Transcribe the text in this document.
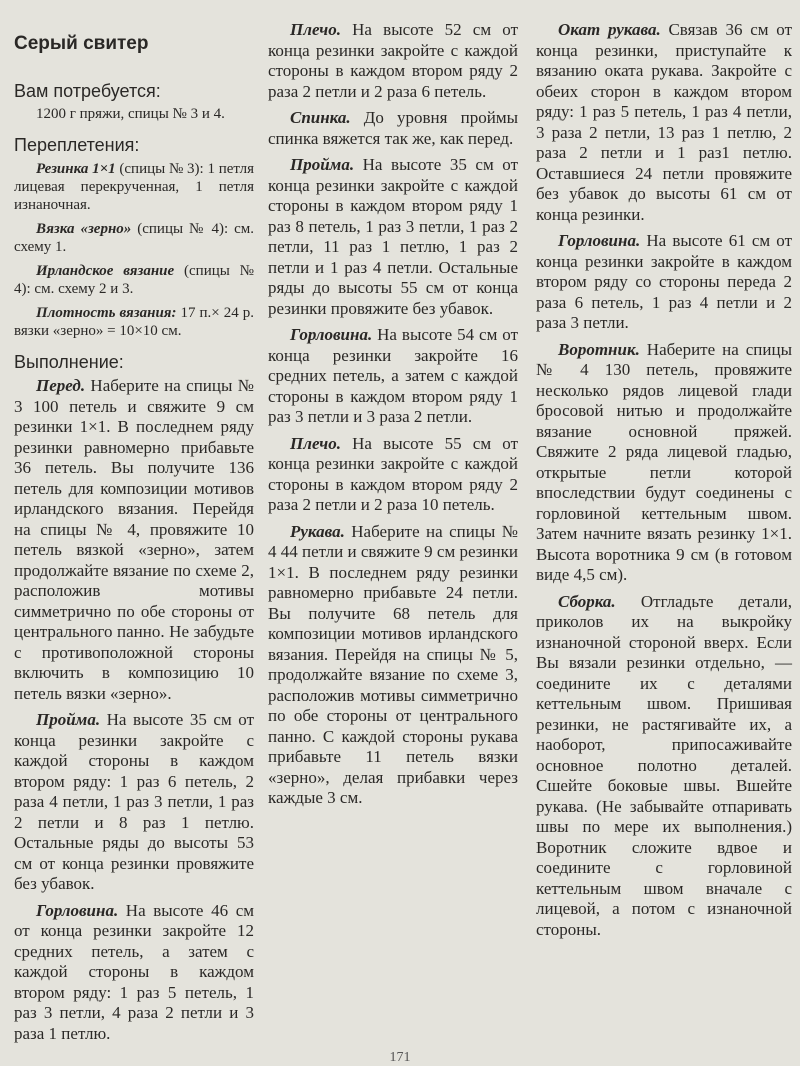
Серый свитер
Вам потребуется:

1200 г пряжи, спицы № 3 и 4.

Переплетения:

Резинка 1×1 (спицы № 3): 1 петля лицевая перекрученная, 1 петля изнаночная.

Вязка «зерно» (спицы № 4): см. схему 1.

Ирландское вязание (спицы № 4): см. схему 2 и 3.

Плотность вязания: 17 п.× 24 р. вязки «зерно» = 10×10 см.

Выполнение:

Перед. Наберите на спицы № 3 100 петель и свяжите 9 см резинки 1×1. В последнем ряду резинки равномерно прибавьте 36 петель. Вы получите 136 петель для композиции мотивов ирландского вязания. Перейдя на спицы № 4, провяжите 10 петель вязкой «зерно», затем продолжайте вязание по схеме 2, расположив мотивы симметрично по обе стороны от центрального панно. Не забудьте с противоположной стороны включить в композицию 10 петель вязки «зерно».

Пройма. На высоте 35 см от конца резинки закройте с каждой стороны в каждом втором ряду: 1 раз 6 петель, 2 раза 4 петли, 1 раз 3 петли, 1 раз 2 петли и 8 раз 1 петлю. Остальные ряды до высоты 53 см от конца резинки провяжите без убавок.

Горловина. На высоте 46 см от конца резинки закройте 12 средних петель, а затем с каждой стороны в каждом втором ряду: 1 раз 5 петель, 1 раз 3 петли, 4 раза 2 петли и 3 раза 1 петлю.

Плечо. На высоте 52 см от конца резинки закройте с каждой стороны в каждом втором ряду 2 раза 2 петли и 2 раза 6 петель.

Спинка. До уровня проймы спинка вяжется так же, как перед.

Пройма. На высоте 35 см от конца резинки закройте с каждой стороны в каждом втором ряду 1 раз 8 петель, 1 раз 3 петли, 1 раз 2 петли, 11 раз 1 петлю, 1 раз 2 петли и 1 раз 4 петли. Остальные ряды до высоты 55 см от конца резинки провяжите без убавок.

Горловина. На высоте 54 см от конца резинки закройте 16 средних петель, а затем с каждой стороны в каждом втором ряду 1 раз 3 петли и 3 раза 2 петли.

Плечо. На высоте 55 см от конца резинки закройте с каждой стороны в каждом втором ряду 2 раза 2 петли и 2 раза 10 петель.

Рукава. Наберите на спицы № 4 44 петли и свяжите 9 см резинки 1×1. В последнем ряду резинки равномерно прибавьте 24 петли. Вы получите 68 петель для композиции мотивов ирландского вязания. Перейдя на спицы № 5, продолжайте вязание по схеме 3, расположив мотивы симметрично по обе стороны от центрального панно. С каждой стороны рукава прибавьте 11 петель вязки «зерно», делая прибавки через каждые 3 см.

Окат рукава. Связав 36 см от конца резинки, приступайте к вязанию оката рукава. Закройте с обеих сторон в каждом втором ряду: 1 раз 5 петель, 1 раз 4 петли, 3 раза 2 петли, 13 раз 1 петлю, 2 раза 2 петли и 1 раз1 петлю. Оставшиеся 24 петли провяжите без убавок до высоты 61 см от конца резинки.

Горловина. На высоте 61 см от конца резинки закройте в каждом втором ряду со стороны переда 2 раза 6 петель, 1 раз 4 петли и 2 раза 3 петли.

Воротник. Наберите на спицы № 4 130 петель, провяжите несколько рядов лицевой глади бросовой нитью и продолжайте вязание основной пряжей. Свяжите 2 ряда лицевой гладью, открытые петли которой впоследствии будут соединены с горловиной кеттельным швом. Затем начните вязать резинку 1×1. Высота воротника 9 см (в готовом виде 4,5 см).

Сборка. Отгладьте детали, приколов их на выкройку изнаночной стороной вверх. Если Вы вязали резинки отдельно, — соедините их с деталями кеттельным швом. Пришивая резинки, не растягивайте их, а наоборот, припосаживайте основное полотно деталей. Сшейте боковые швы. Вшейте рукава. (Не забывайте отпаривать швы по мере их выполнения.) Воротник сложите вдвое и соедините с горловиной кеттельным швом вначале с лицевой, а потом с изнаночной стороны.

171
